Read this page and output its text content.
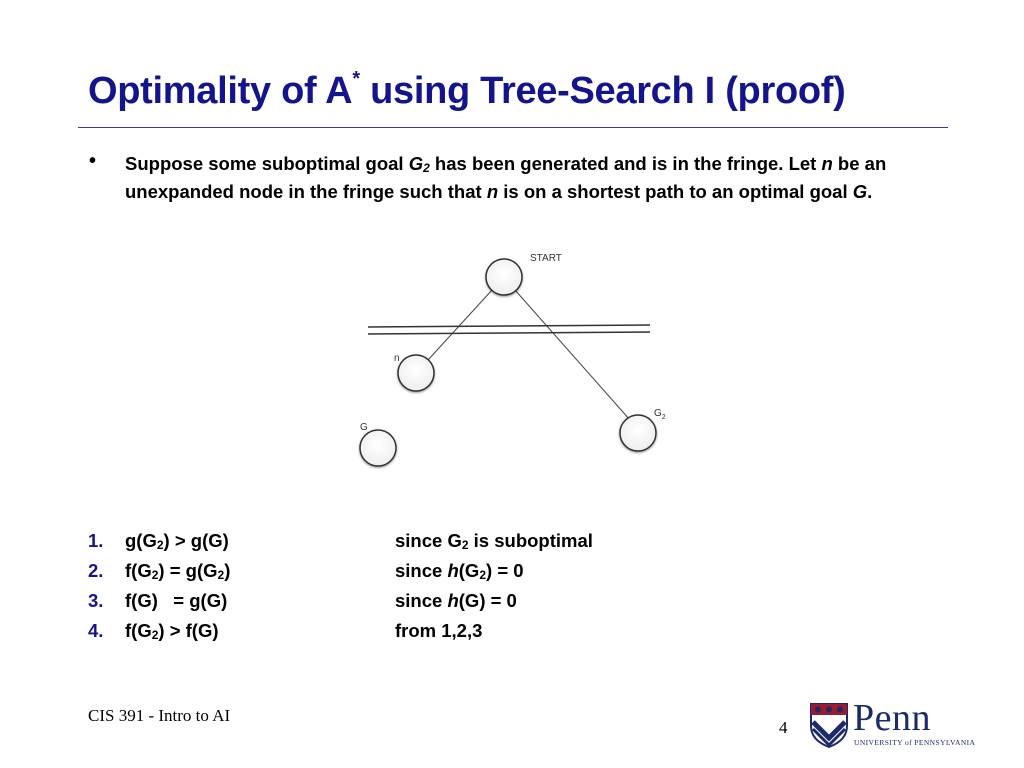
Optimality of A* using Tree-Search I (proof)
• Suppose some suboptimal goal $G_2$ has been generated and is in the fringe. Let n be an unexpanded node in the fringe such that n is on a shortest path to an optimal goal G.
START
n
G
$G_2$
1. $g(G_2) > g(G)$	since $G_2$ is suboptimal
2. $f(G_2) = g(G_2)$	since $h(G_2) = 0$
3. f(G)   = g(G)	since h(G) = 0
4. $f(G_2) > f(G)$	from 1,2,3
CIS 391 - Intro to AI
4 Penn
UNIVERSITY of PENNSYLVANIA
